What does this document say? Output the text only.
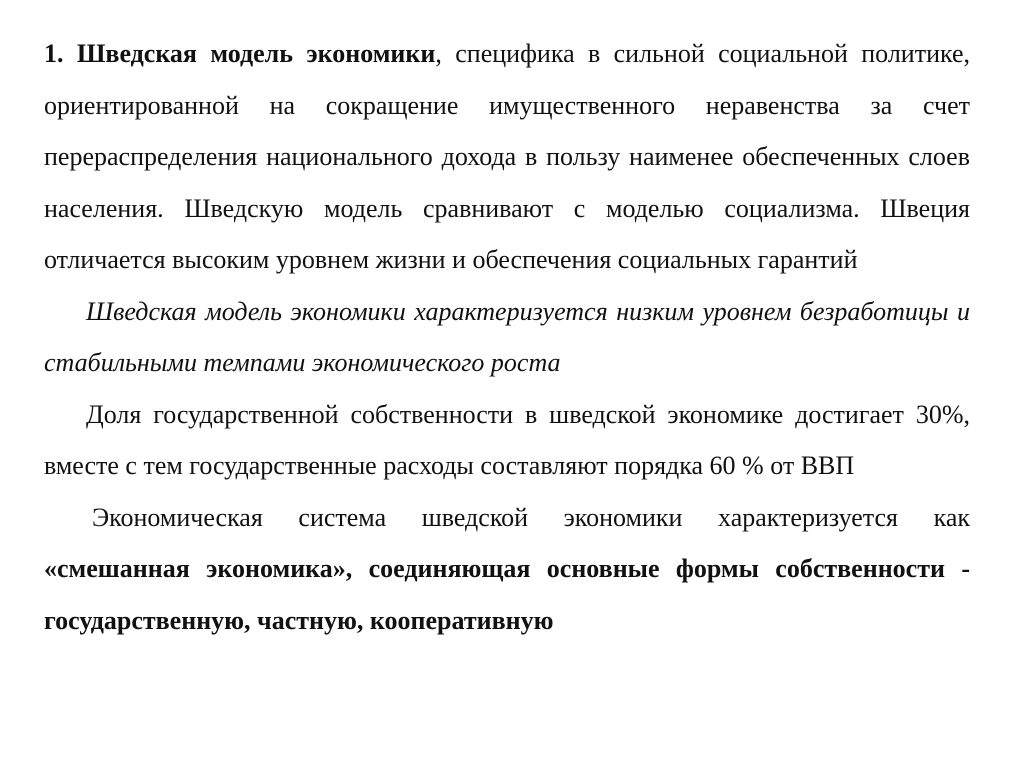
1. Шведская модель экономики, специфика в сильной социальной политике, ориентированной на сокращение имущественного неравенства за счет перераспределения национального дохода в пользу наименее обеспеченных слоев населения. Шведскую модель сравнивают с моделью социализма. Швеция отличается высоким уровнем жизни и обеспечения социальных гарантий

Шведская модель экономики характеризуется низким уровнем безработицы и стабильными темпами экономического роста

Доля государственной собственности в шведской экономике достигает 30%, вместе с тем государственные расходы составляют порядка 60 % от ВВП

Экономическая система шведской экономики характеризуется как «смешанная экономика», соединяющая основные формы собственности - государственную, частную, кооперативную
